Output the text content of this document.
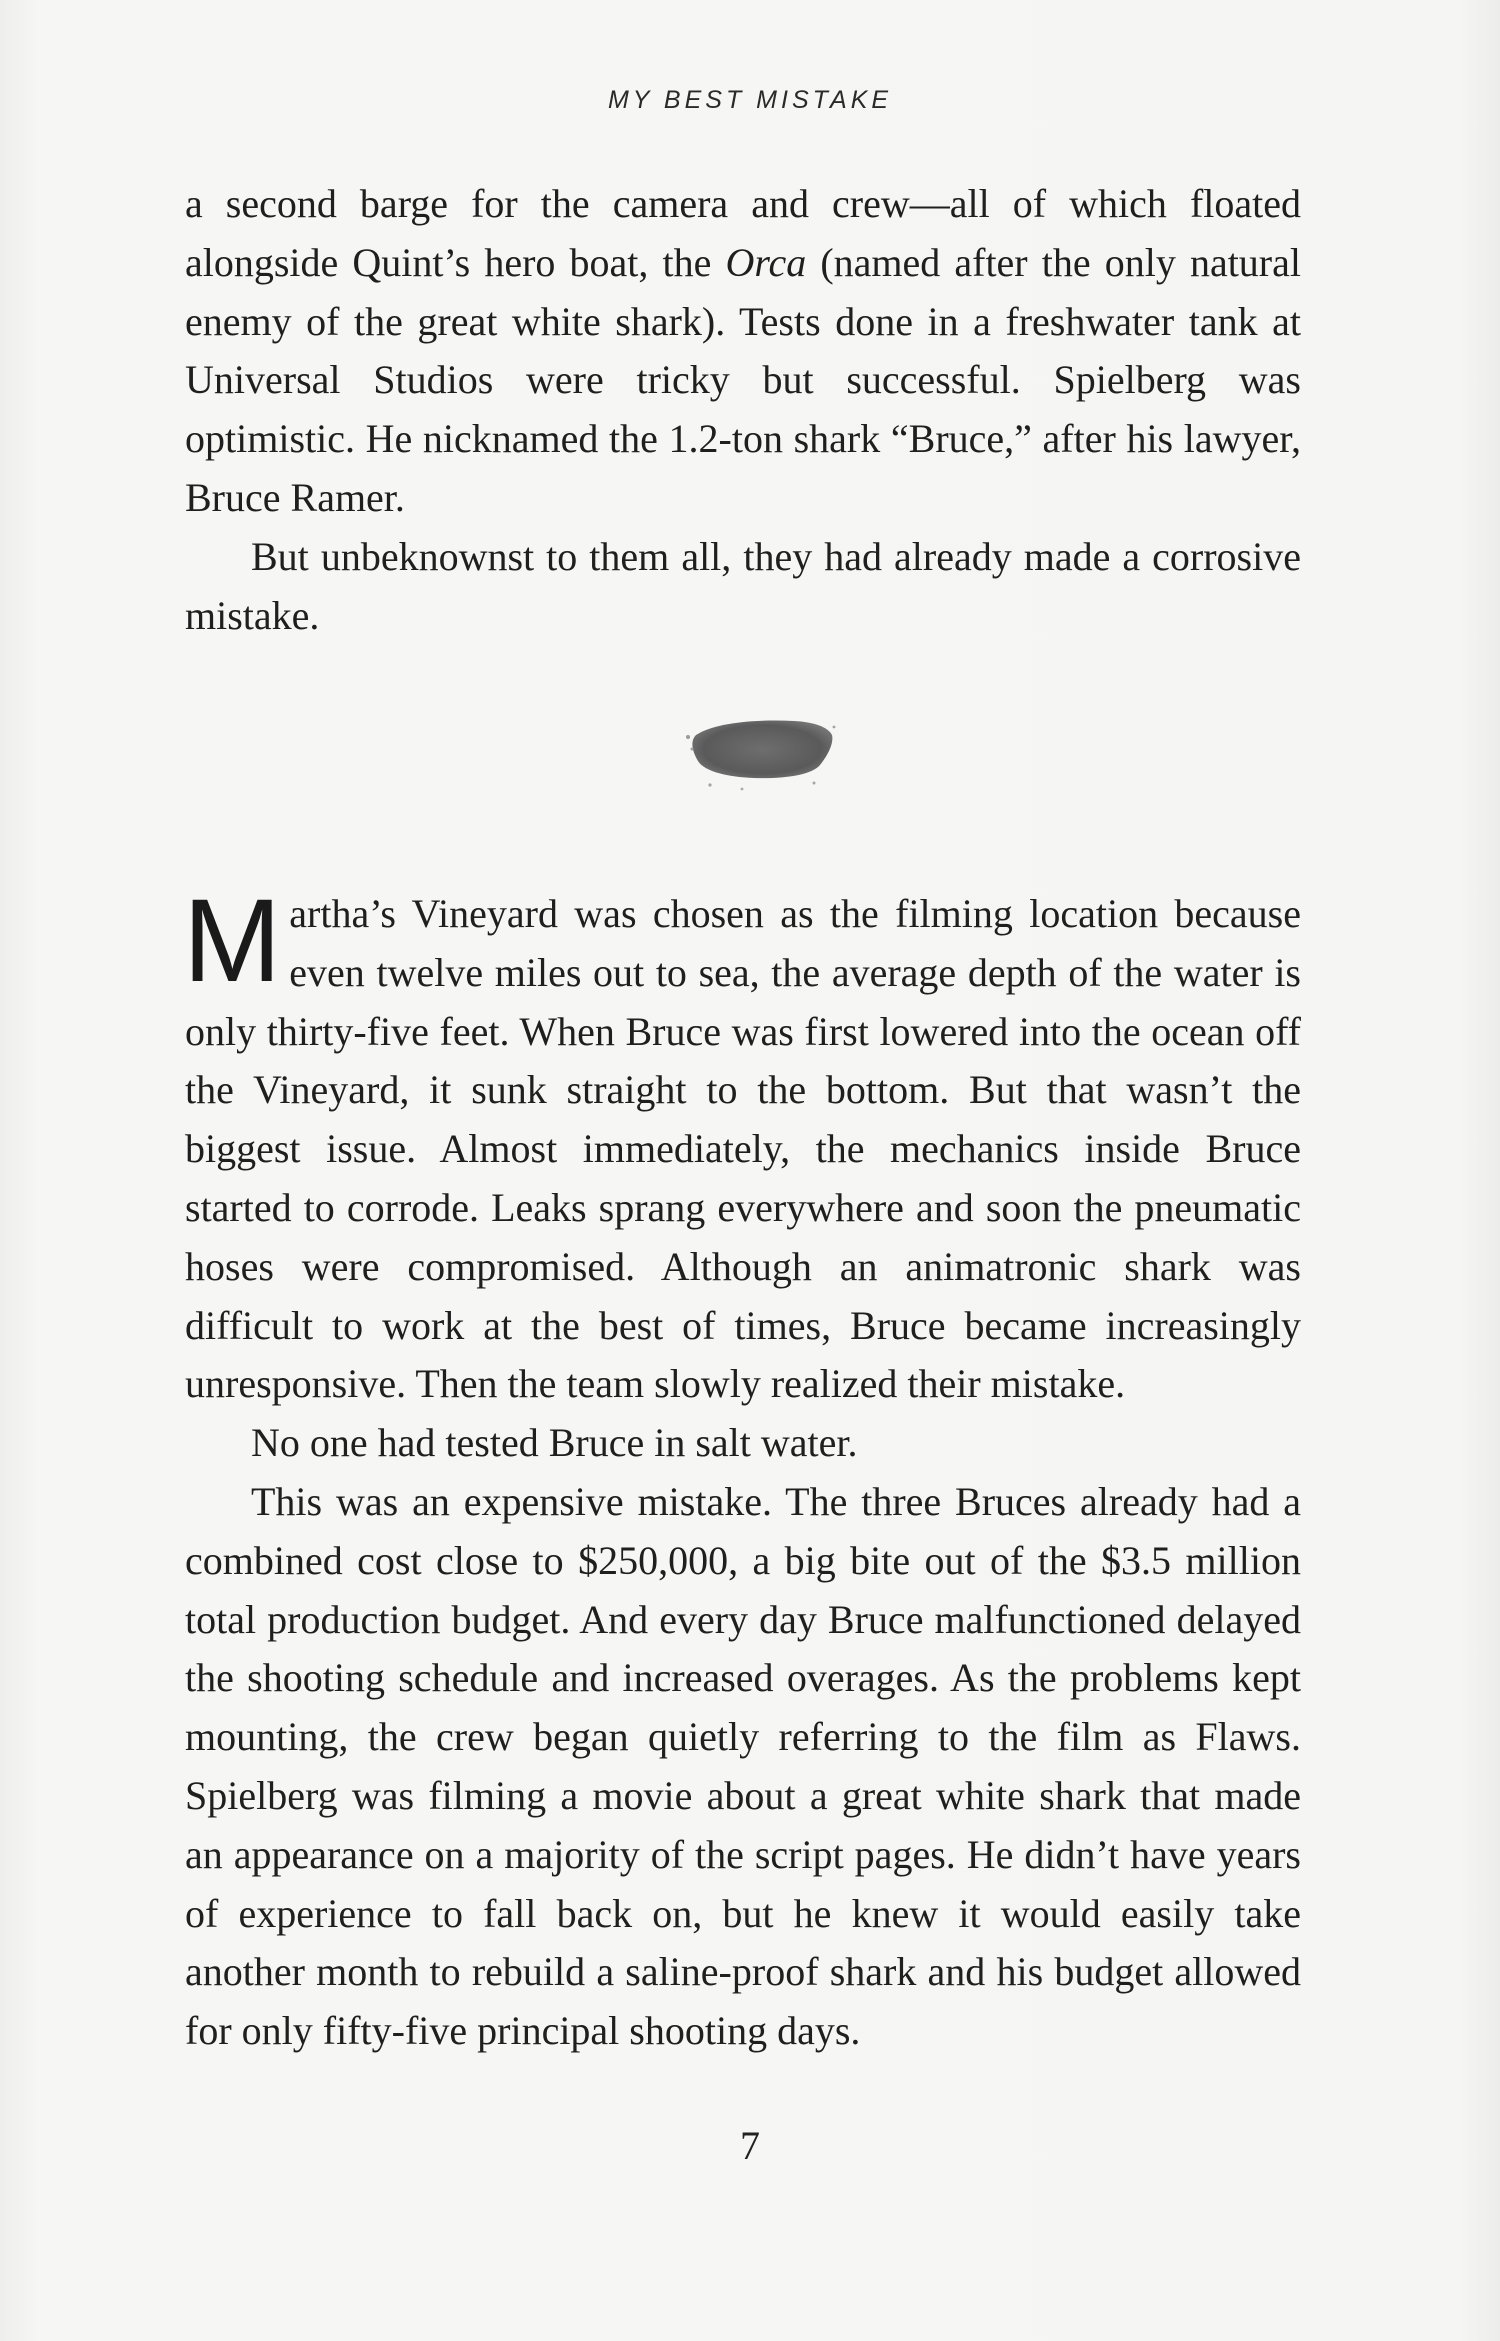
MY BEST MISTAKE

a second barge for the camera and crew—all of which floated alongside Quint’s hero boat, the Orca (named after the only natural enemy of the great white shark). Tests done in a freshwater tank at Universal Studios were tricky but successful. Spielberg was optimistic. He nicknamed the 1.2-ton shark “Bruce,” after his lawyer, Bruce Ramer.

But unbeknownst to them all, they had already made a corrosive mistake.

Martha’s Vineyard was chosen as the filming location because even twelve miles out to sea, the average depth of the water is only thirty-five feet. When Bruce was first lowered into the ocean off the Vineyard, it sunk straight to the bottom. But that wasn’t the biggest issue. Almost immediately, the mechanics inside Bruce started to corrode. Leaks sprang everywhere and soon the pneumatic hoses were compromised. Although an animatronic shark was difficult to work at the best of times, Bruce became increasingly unresponsive. Then the team slowly realized their mistake.

No one had tested Bruce in salt water.

This was an expensive mistake. The three Bruces already had a combined cost close to $250,000, a big bite out of the $3.5 million total production budget. And every day Bruce malfunctioned delayed the shooting schedule and increased overages. As the problems kept mounting, the crew began quietly referring to the film as Flaws. Spielberg was filming a movie about a great white shark that made an appearance on a majority of the script pages. He didn’t have years of experience to fall back on, but he knew it would easily take another month to rebuild a saline-proof shark and his budget allowed for only fifty-five principal shooting days.

7
